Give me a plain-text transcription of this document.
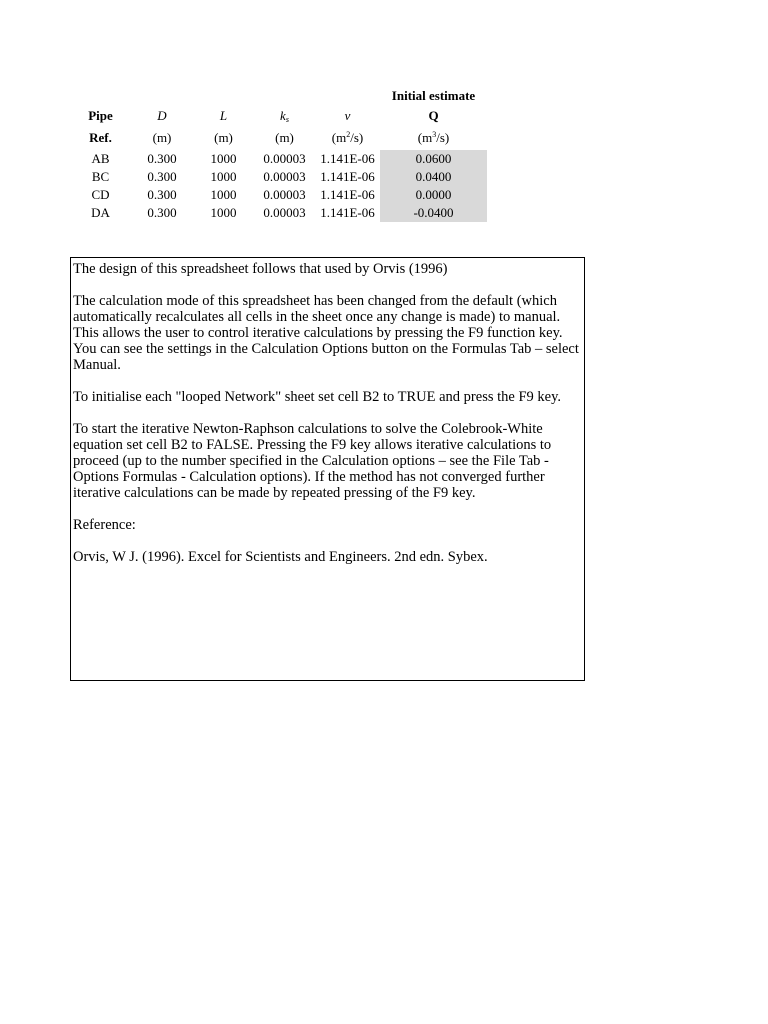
					Initial estimate
Pipe	D	L	$k_s$	ν	Q
Ref.	(m)	(m)	(m)	$(m^2/s)$	$(m^3/s)$
AB	0.300	1000	0.00003	1.141E-06	0.0600
BC	0.300	1000	0.00003	1.141E-06	0.0400
CD	0.300	1000	0.00003	1.141E-06	0.0000
DA	0.300	1000	0.00003	1.141E-06	-0.0400

The design of this spreadsheet follows that used by Orvis (1996)

The calculation mode of this spreadsheet has been changed from the default (which automatically recalculates all cells in the sheet once any change is made) to manual. This allows the user to control iterative calculations by pressing the F9 function key. You can see the settings in the Calculation Options button on the Formulas Tab – select Manual.

To initialise each "looped Network" sheet set cell B2 to TRUE and press the F9 key.

To start the iterative Newton-Raphson calculations to solve the Colebrook-White equation set cell B2 to FALSE. Pressing the F9 key allows iterative calculations to proceed (up to the number specified in the Calculation options – see the File Tab - Options Formulas - Calculation options). If the method has not converged further iterative calculations can be made by repeated pressing of the F9 key.

Reference:

Orvis, W J. (1996). Excel for Scientists and Engineers. 2nd edn. Sybex.
